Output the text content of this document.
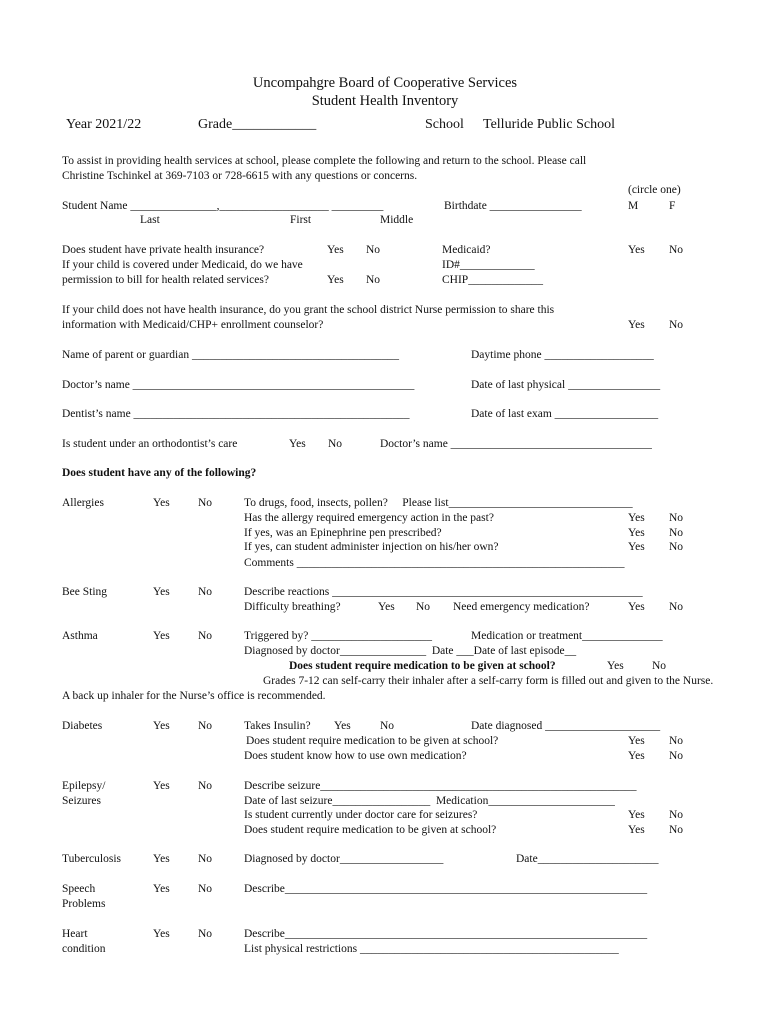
Uncompahgre Board of Cooperative Services
Student Health Inventory
Year 2021/22	Grade____________	School Telluride Public School
To assist in providing health services at school, please complete the following and return to the school. Please call
Christine Tschinkel at 369-7103 or 728-6615 with any questions or concerns.
(circle one)
Student Name _______________,___________________ _________	Birthdate ________________	M	F
Last	First	Middle
Does student have private health insurance?	Yes No	Medicaid?	Yes No
If your child is covered under Medicaid, do we have	ID#_____________
permission to bill for health related services?	Yes No	CHIP_____________
If your child does not have health insurance, do you grant the school district Nurse permission to share this
information with Medicaid/CHP+ enrollment counselor?	Yes No
Name of parent or guardian ____________________________________	Daytime phone ___________________
Doctor’s name _________________________________________________	Date of last physical ________________
Dentist’s name ________________________________________________	Date of last exam __________________
Is student under an orthodontist’s care	Yes No	Doctor’s name ___________________________________
Does student have any of the following?
Allergies	Yes No	To drugs, food, insects, pollen?     Please list________________________________
Has the allergy required emergency action in the past?	Yes No
If yes, was an Epinephrine pen prescribed?	Yes No
If yes, can student administer injection on his/her own?	Yes No
Comments _________________________________________________________
Bee Sting	Yes No	Describe reactions ______________________________________________________
Difficulty breathing?	Yes No Need emergency medication?	Yes No
Asthma	Yes No	Triggered by? _____________________	Medication or treatment______________
Diagnosed by doctor_______________  Date ___Date of last episode__
Does student require medication to be given at school?	Yes No
Grades 7-12 can self-carry their inhaler after a self-carry form is filled out and given to the Nurse.
A back up inhaler for the Nurse’s office is recommended.
Diabetes	Yes No	Takes Insulin? Yes	No	Date diagnosed ____________________
Does student require medication to be given at school?	Yes No
Does student know how to use own medication?	Yes No
Epilepsy/
Seizures
Yes No	Describe seizure_______________________________________________________
Date of last seizure_________________  Medication______________________
Is student currently under doctor care for seizures?	Yes No
Does student require medication to be given at school?	Yes No
Tuberculosis	Yes No	Diagnosed by doctor__________________	Date_____________________
Speech
Problems
Yes No	Describe_______________________________________________________________
Heart
condition
Yes No	Describe_______________________________________________________________
List physical restrictions _____________________________________________
